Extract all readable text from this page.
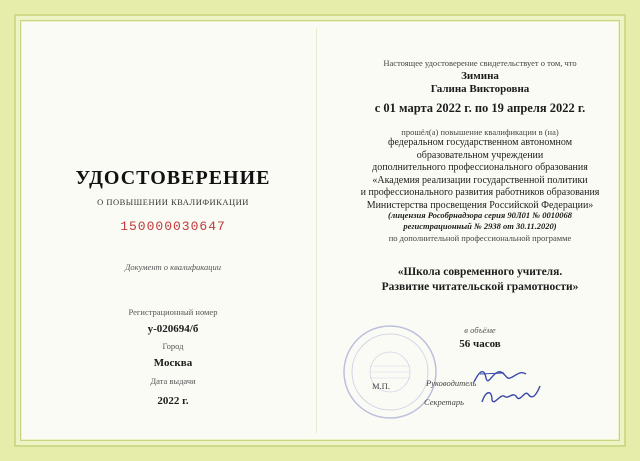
УДОСТОВЕРЕНИЕ
О ПОВЫШЕНИИ КВАЛИФИКАЦИИ
150000030647
Документ о квалификации
Регистрационный номер
у-020694/б
Город
Москва
Дата выдачи
2022 г.
Настоящее удостоверение свидетельствует о том, что
Зимина
Галина Викторовна
с 01 марта 2022 г. по 19 апреля 2022 г.
прошёл(а) повышение квалификации в (на)
федеральном государственном автономном
образовательном учреждении
дополнительного профессионального образования
«Академия реализации государственной политики
и профессионального развития работников образования
Министерства просвещения Российской Федерации»
(лицензия Рособрнадзора серия 90Л01 № 0010068
регистрационный № 2938 от 30.11.2020)
по дополнительной профессиональной программе
«Школа современного учителя.
Развитие читательской грамотности»
в объёме
56 часов
М.П.	Руководитель
Секретарь
